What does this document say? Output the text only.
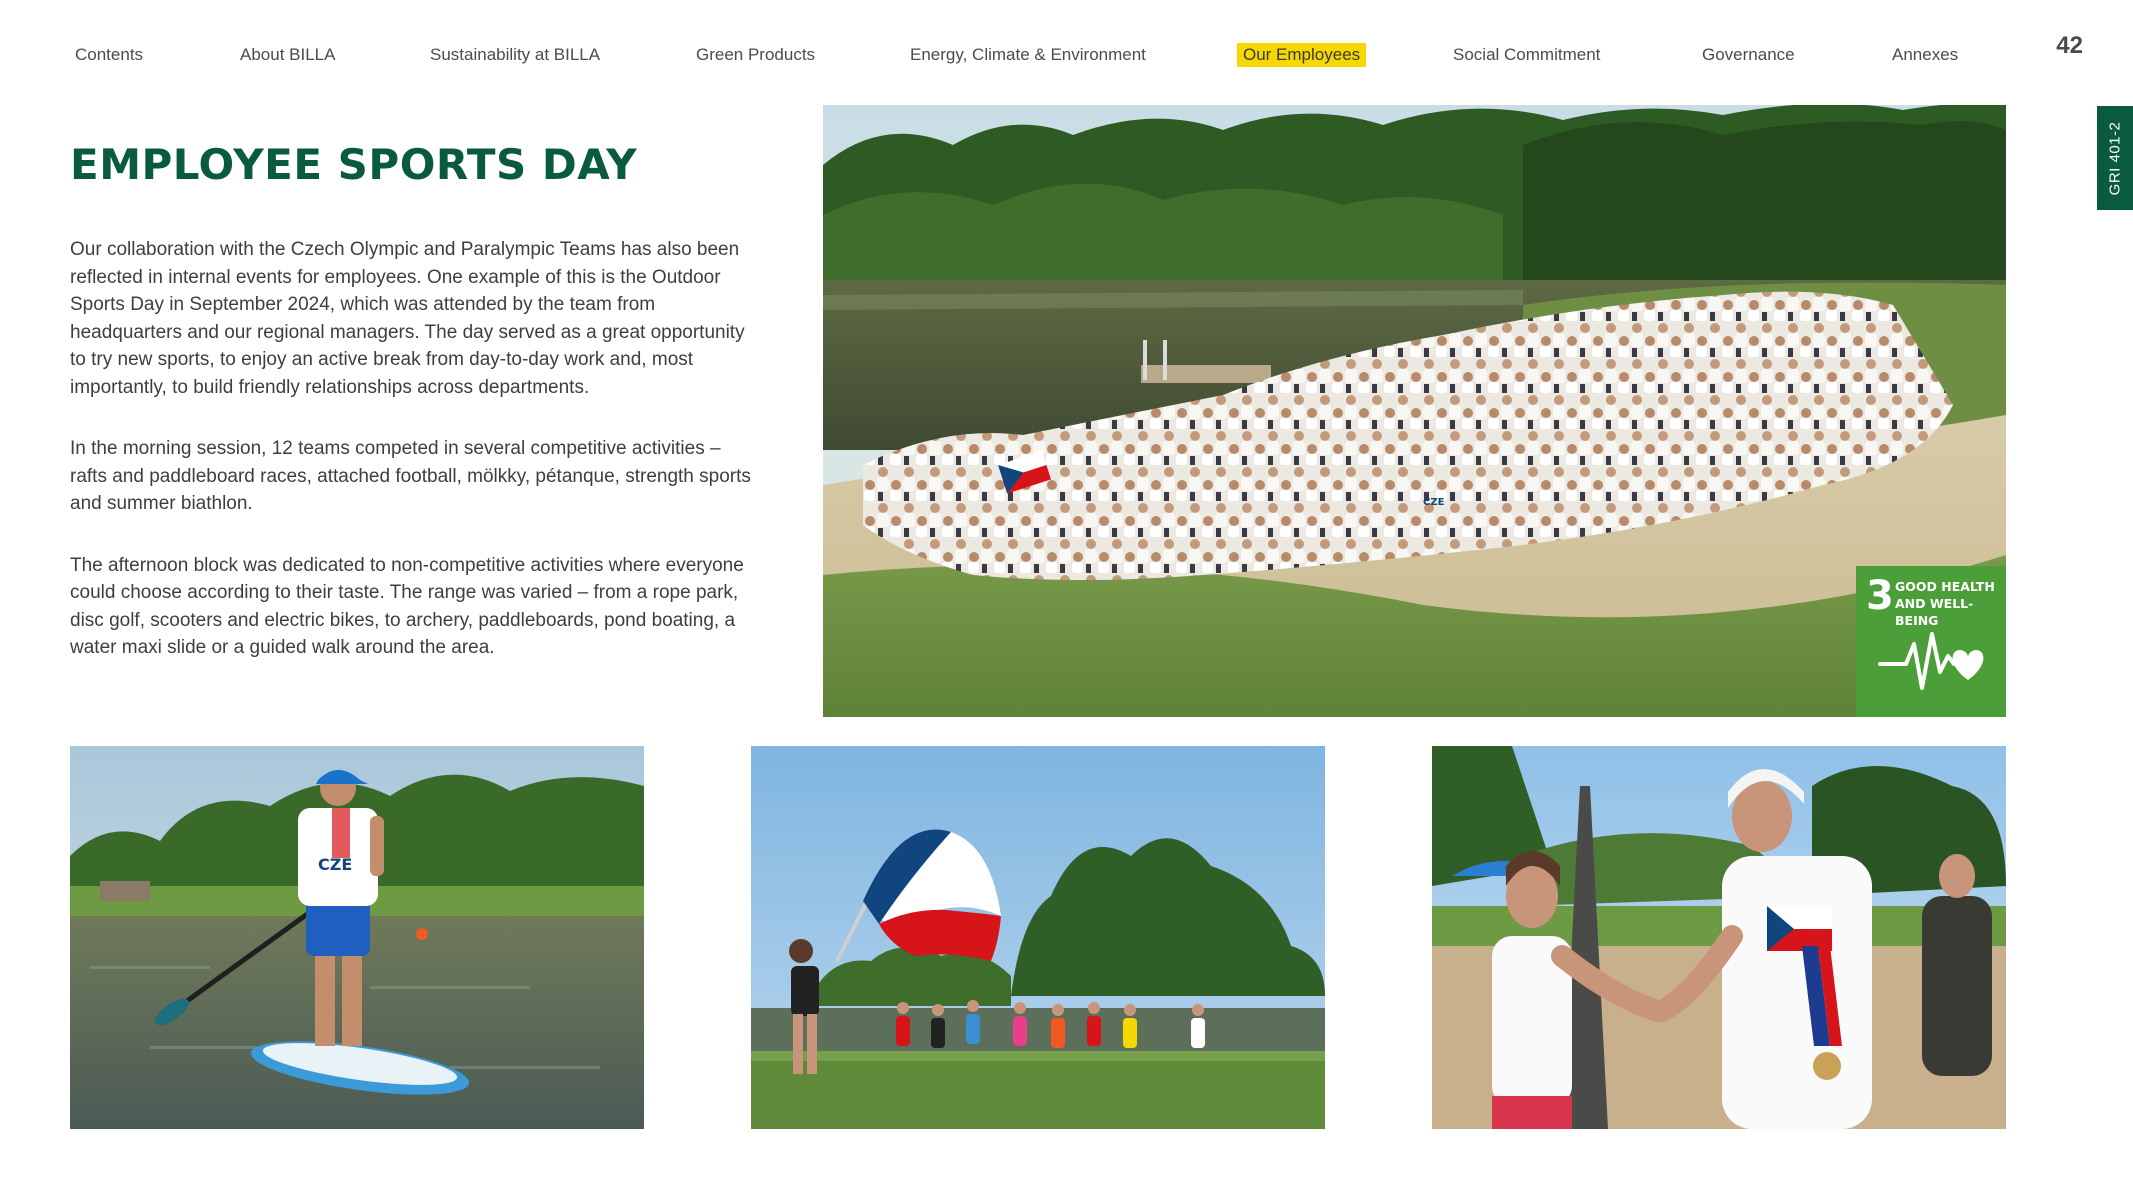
Contents	About BILLA	Sustainability at BILLA	Green Products	Energy, Climate & Environment	Our Employees	Social Commitment	Governance	Annexes	42
GRI 401-2
EMPLOYEE SPORTS DAY

Our collaboration with the Czech Olympic and Paralympic Teams has also been reflected in internal events for employees. One example of this is the Outdoor Sports Day in September 2024, which was attended by the team from headquarters and our regional managers. The day served as a great opportunity to try new sports, to enjoy an active break from day-to-day work and, most importantly, to build friendly relationships across departments.

In the morning session, 12 teams competed in several competitive activities – rafts and paddleboard races, attached football, mölkky, pétanque, strength sports and summer biathlon.

The afternoon block was dedicated to non-competitive activities where everyone could choose according to their taste. The range was varied – from a rope park, disc golf, scooters and electric bikes, to archery, paddleboards, pond boating, a water maxi slide or a guided walk around the area.

CZE
3 GOOD HEALTH
AND WELL-BEING
CZE
